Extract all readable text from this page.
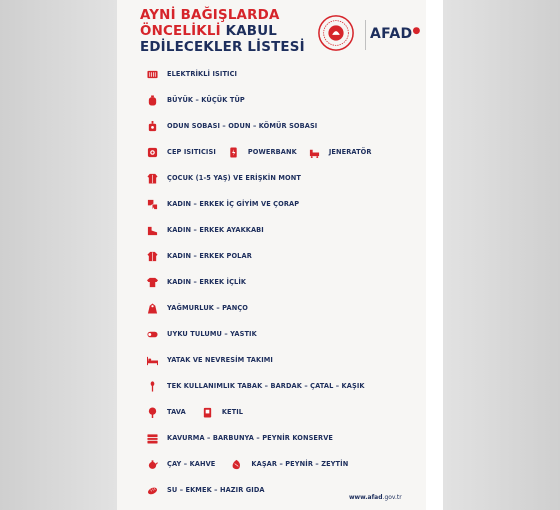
AYNİ BAĞIŞLARDA
ÖNCELİKLİ KABUL
EDİLECEKLER LİSTESİ
AFAD●
ELEKTRİKLİ ISITICI
BÜYÜK – KÜÇÜK TÜP
ODUN SOBASI – ODUN – KÖMÜR SOBASI
CEP ISITICISI	POWERBANK	JENERATÖR
ÇOCUK (1-5 YAŞ) VE ERİŞKİN MONT
KADIN – ERKEK İÇ GİYİM VE ÇORAP
KADIN – ERKEK AYAKKABI
KADIN – ERKEK POLAR
KADIN – ERKEK İÇLİK
YAĞMURLUK – PANÇO
UYKU TULUMU – YASTIK
YATAK VE NEVRESİM TAKIMI
TEK KULLANIMLIK TABAK – BARDAK – ÇATAL – KAŞIK
TAVA	KETIL
KAVURMA – BARBUNYA – PEYNİR KONSERVE
ÇAY – KAHVE	KAŞAR – PEYNİR – ZEYTİN
SU – EKMEK – HAZIR GIDA
www.afad.gov.tr
